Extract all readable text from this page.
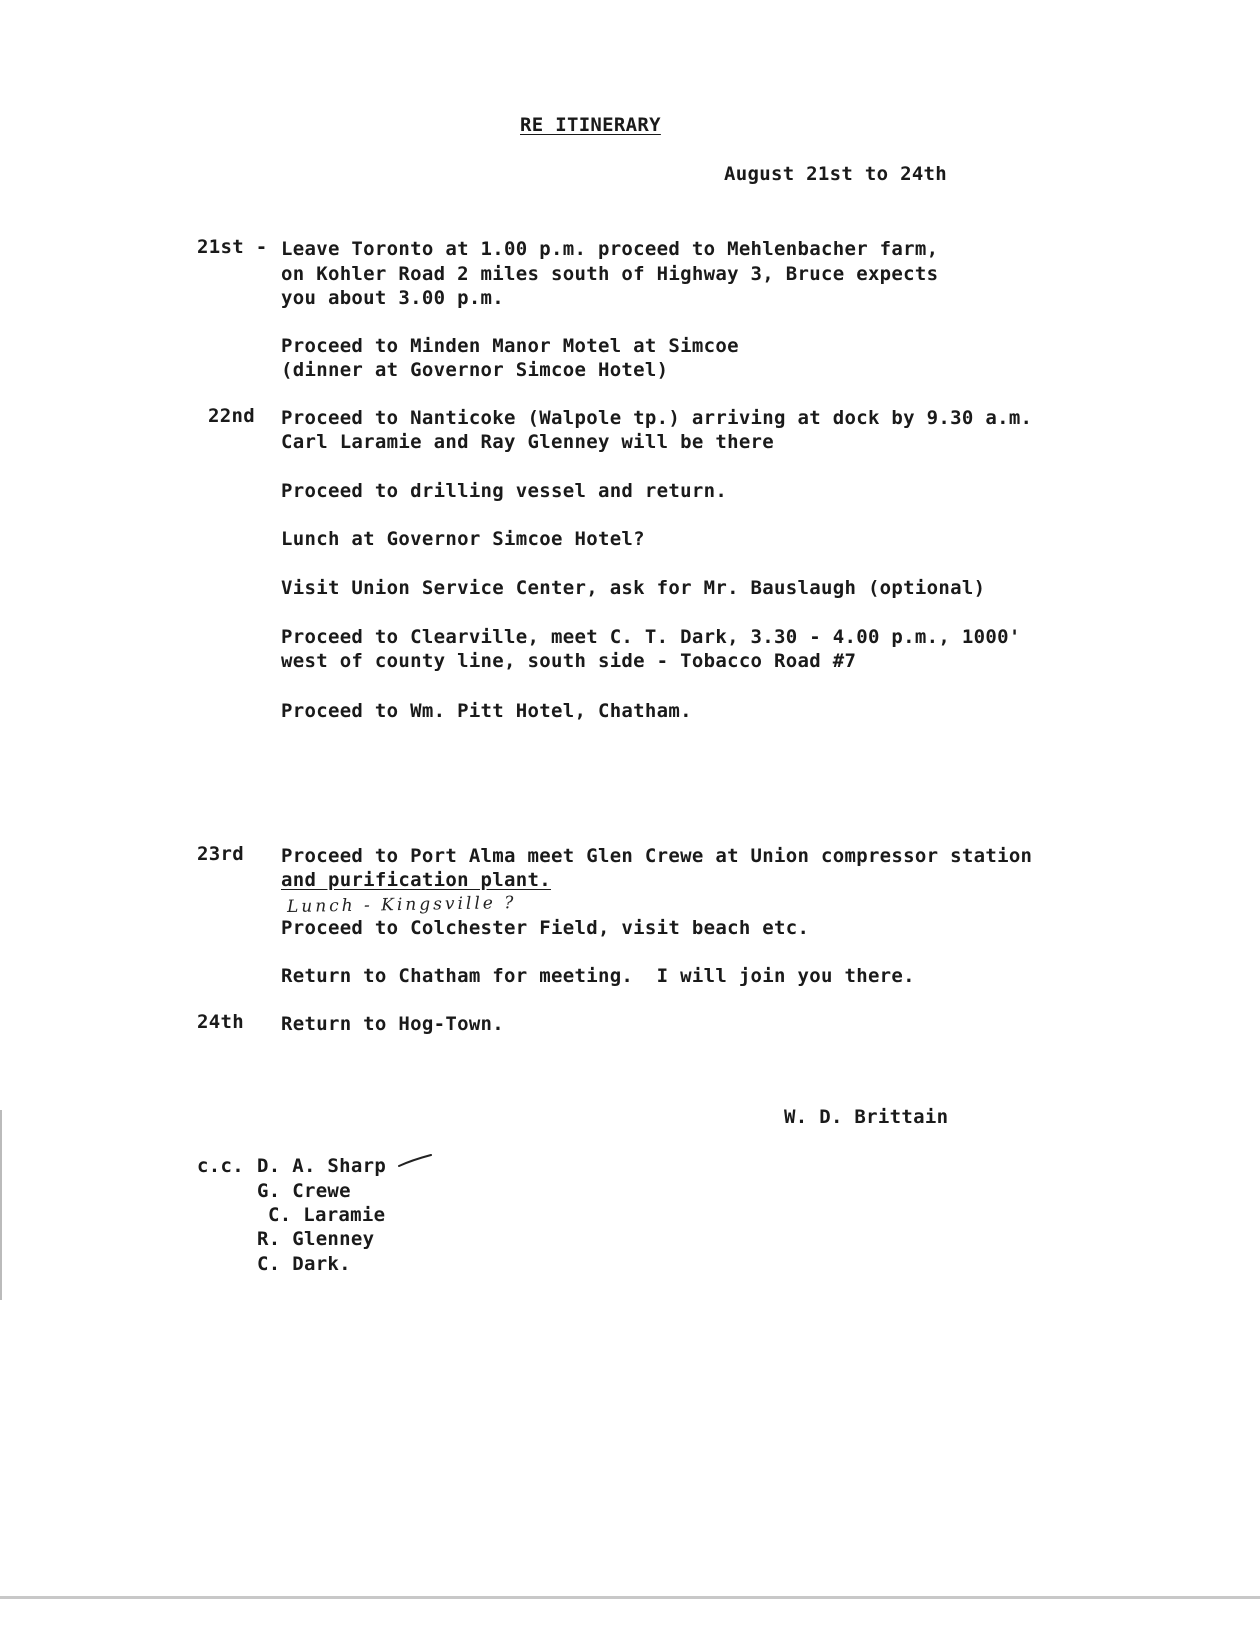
RE ITINERARY
August 21st to 24th
21st - Leave Toronto at 1.00 p.m. proceed to Mehlenbacher farm,
on Kohler Road 2 miles south of Highway 3, Bruce expects
you about 3.00 p.m.
Proceed to Minden Manor Motel at Simcoe
(dinner at Governor Simcoe Hotel)
22nd Proceed to Nanticoke (Walpole tp.) arriving at dock by 9.30 a.m.
Carl Laramie and Ray Glenney will be there
Proceed to drilling vessel and return.
Lunch at Governor Simcoe Hotel?
Visit Union Service Center, ask for Mr. Bauslaugh (optional)
Proceed to Clearville, meet C. T. Dark, 3.30 - 4.00 p.m., 1000'
west of county line, south side - Tobacco Road #7
Proceed to Wm. Pitt Hotel, Chatham.
23rd Proceed to Port Alma meet Glen Crewe at Union compressor station
and purification plant.
Lunch - Kingsville ?
Proceed to Colchester Field, visit beach etc.
Return to Chatham for meeting.  I will join you there.
24th Return to Hog-Town.
W. D. Brittain
c.c. D. A. Sharp
G. Crewe
C. Laramie
R. Glenney
C. Dark.
